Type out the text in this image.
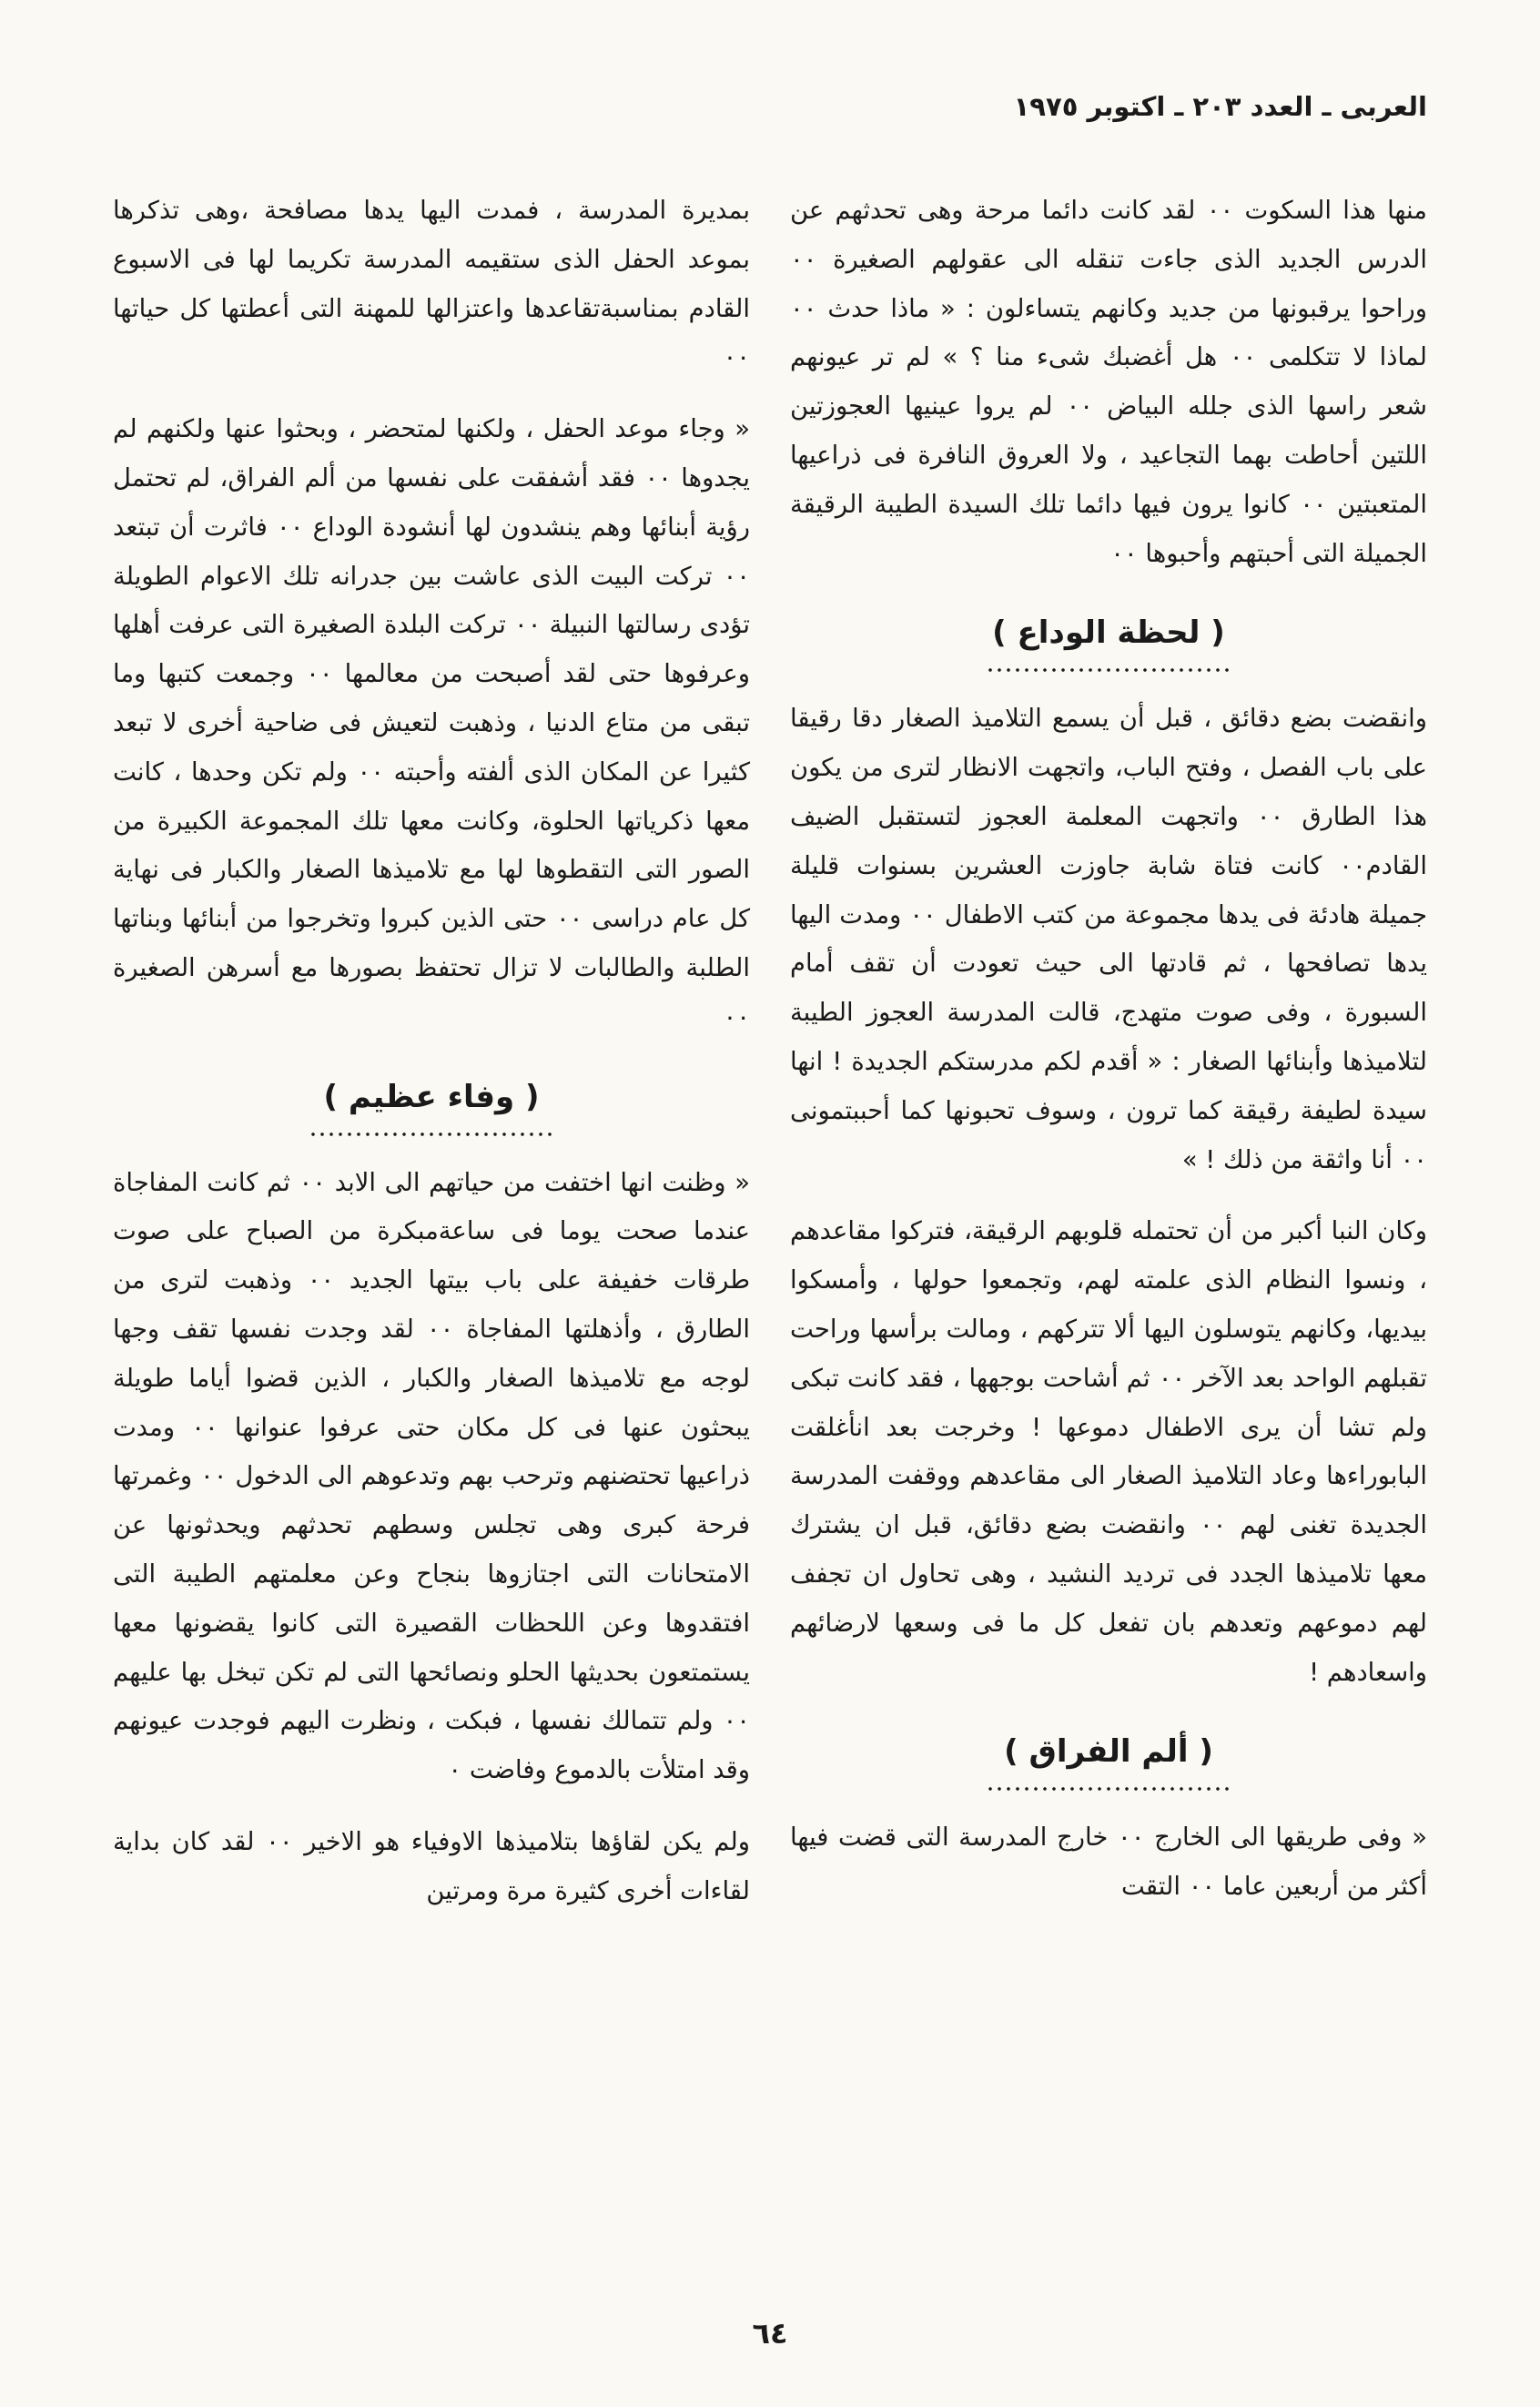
العربى ـ العدد ٢٠٣ ـ اكتوبر ١٩٧٥

منها هذا السكوت ٠٠ لقد كانت دائما مرحة وهى تحدثهم عن الدرس الجديد الذى جاءت تنقله الى عقولهم الصغيرة ٠٠ وراحوا يرقبونها من جديد وكانهم يتساءلون : « ماذا حدث ٠٠ لماذا لا تتكلمى ٠٠ هل أغضبك شىء منا ؟ » لم تر عيونهم شعر راسها الذى جلله البياض ٠٠ لم يروا عينيها العجوزتين اللتين أحاطت بهما التجاعيد ، ولا العروق النافرة فى ذراعيها المتعبتين ٠٠ كانوا يرون فيها دائما تلك السيدة الطيبة الرقيقة الجميلة التى أحبتهم وأحبوها ٠٠

( لحظة الوداع )

وانقضت بضع دقائق ، قبل أن يسمع التلاميذ الصغار دقا رقيقا على باب الفصل ، وفتح الباب، واتجهت الانظار لترى من يكون هذا الطارق ٠٠ واتجهت المعلمة العجوز لتستقبل الضيف القادم٠٠ كانت فتاة شابة جاوزت العشرين بسنوات قليلة جميلة هادئة فى يدها مجموعة من كتب الاطفال ٠٠ ومدت اليها يدها تصافحها ، ثم قادتها الى حيث تعودت أن تقف أمام السبورة ، وفى صوت متهدج، قالت المدرسة العجوز الطيبة لتلاميذها وأبنائها الصغار : « أقدم لكم مدرستكم الجديدة ! انها سيدة لطيفة رقيقة كما ترون ، وسوف تحبونها كما أحببتمونى ٠٠ أنا واثقة من ذلك ! »

وكان النبا أكبر من أن تحتمله قلوبهم الرقيقة، فتركوا مقاعدهم ، ونسوا النظام الذى علمته لهم، وتجمعوا حولها ، وأمسكوا بيديها، وكانهم يتوسلون اليها ألا تتركهم ، ومالت برأسها وراحت تقبلهم الواحد بعد الآخر ٠٠ ثم أشاحت بوجهها ، فقد كانت تبكى ولم تشا أن يرى الاطفال دموعها ! وخرجت بعد انأغلقت البابوراءها وعاد التلاميذ الصغار الى مقاعدهم ووقفت المدرسة الجديدة تغنى لهم ٠٠ وانقضت بضع دقائق، قبل ان يشترك معها تلاميذها الجدد فى ترديد النشيد ، وهى تحاول ان تجفف لهم دموعهم وتعدهم بان تفعل كل ما فى وسعها لارضائهم واسعادهم !

( ألم الفراق )

« وفى طريقها الى الخارج ٠٠ خارج المدرسة التى قضت فيها أكثر من أربعين عاما ٠٠ التقت

بمديرة المدرسة ، فمدت اليها يدها مصافحة ،وهى تذكرها بموعد الحفل الذى ستقيمه المدرسة تكريما لها فى الاسبوع القادم بمناسبةتقاعدها واعتزالها للمهنة التى أعطتها كل حياتها ٠٠

« وجاء موعد الحفل ، ولكنها لمتحضر ، وبحثوا عنها ولكنهم لم يجدوها ٠٠ فقد أشفقت على نفسها من ألم الفراق، لم تحتمل رؤية أبنائها وهم ينشدون لها أنشودة الوداع ٠٠ فاثرت أن تبتعد ٠٠ تركت البيت الذى عاشت بين جدرانه تلك الاعوام الطويلة تؤدى رسالتها النبيلة ٠٠ تركت البلدة الصغيرة التى عرفت أهلها وعرفوها حتى لقد أصبحت من معالمها ٠٠ وجمعت كتبها وما تبقى من متاع الدنيا ، وذهبت لتعيش فى ضاحية أخرى لا تبعد كثيرا عن المكان الذى ألفته وأحبته ٠٠ ولم تكن وحدها ، كانت معها ذكرياتها الحلوة، وكانت معها تلك المجموعة الكبيرة من الصور التى التقطوها لها مع تلاميذها الصغار والكبار فى نهاية كل عام دراسى ٠٠ حتى الذين كبروا وتخرجوا من أبنائها وبناتها الطلبة والطالبات لا تزال تحتفظ بصورها مع أسرهن الصغيرة ٠٠

( وفاء عظيم )

« وظنت انها اختفت من حياتهم الى الابد ٠٠ ثم كانت المفاجاة عندما صحت يوما فى ساعةمبكرة من الصباح على صوت طرقات خفيفة على باب بيتها الجديد ٠٠ وذهبت لترى من الطارق ، وأذهلتها المفاجاة ٠٠ لقد وجدت نفسها تقف وجها لوجه مع تلاميذها الصغار والكبار ، الذين قضوا أياما طويلة يبحثون عنها فى كل مكان حتى عرفوا عنوانها ٠٠ ومدت ذراعيها تحتضنهم وترحب بهم وتدعوهم الى الدخول ٠٠ وغمرتها فرحة كبرى وهى تجلس وسطهم تحدثهم ويحدثونها عن الامتحانات التى اجتازوها بنجاح وعن معلمتهم الطيبة التى افتقدوها وعن اللحظات القصيرة التى كانوا يقضونها معها يستمتعون بحديثها الحلو ونصائحها التى لم تكن تبخل بها عليهم ٠٠ ولم تتمالك نفسها ، فبكت ، ونظرت اليهم فوجدت عيونهم وقد امتلأت بالدموع وفاضت ٠

ولم يكن لقاؤها بتلاميذها الاوفياء هو الاخير ٠٠ لقد كان بداية لقاءات أخرى كثيرة مرة ومرتين

٦٤
